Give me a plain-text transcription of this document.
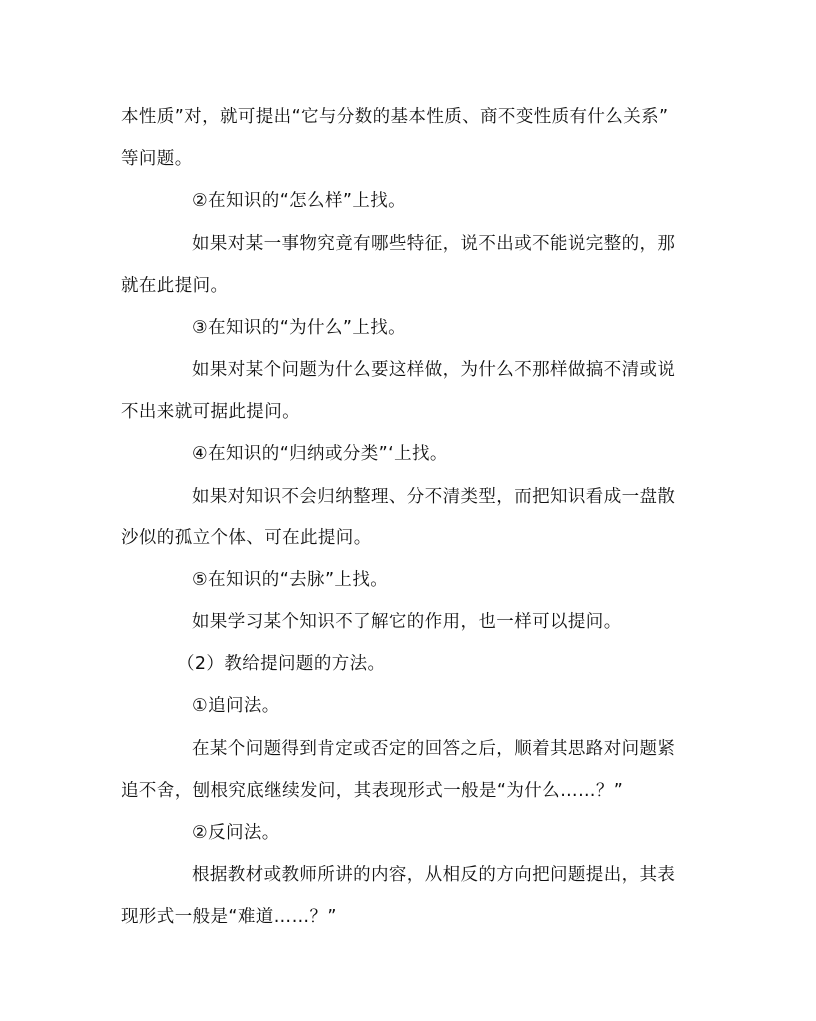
本性质”对，就可提出“它与分数的基本性质、商不变性质有什么关系”
等问题。
②在知识的“怎么样”上找。
如果对某一事物究竟有哪些特征，说不出或不能说完整的，那
就在此提问。
③在知识的“为什么”上找。
如果对某个问题为什么要这样做，为什么不那样做搞不清或说
不出来就可据此提问。
④在知识的“归纳或分类”‘上找。
如果对知识不会归纳整理、分不清类型，而把知识看成一盘散
沙似的孤立个体、可在此提问。
⑤在知识的“去脉”上找。
如果学习某个知识不了解它的作用，也一样可以提问。
（2）教给提问题的方法。
①追问法。
在某个问题得到肯定或否定的回答之后，顺着其思路对问题紧
追不舍，刨根究底继续发问，其表现形式一般是“为什么……？”
②反问法。
根据教材或教师所讲的内容，从相反的方向把问题提出，其表
现形式一般是“难道……？”
